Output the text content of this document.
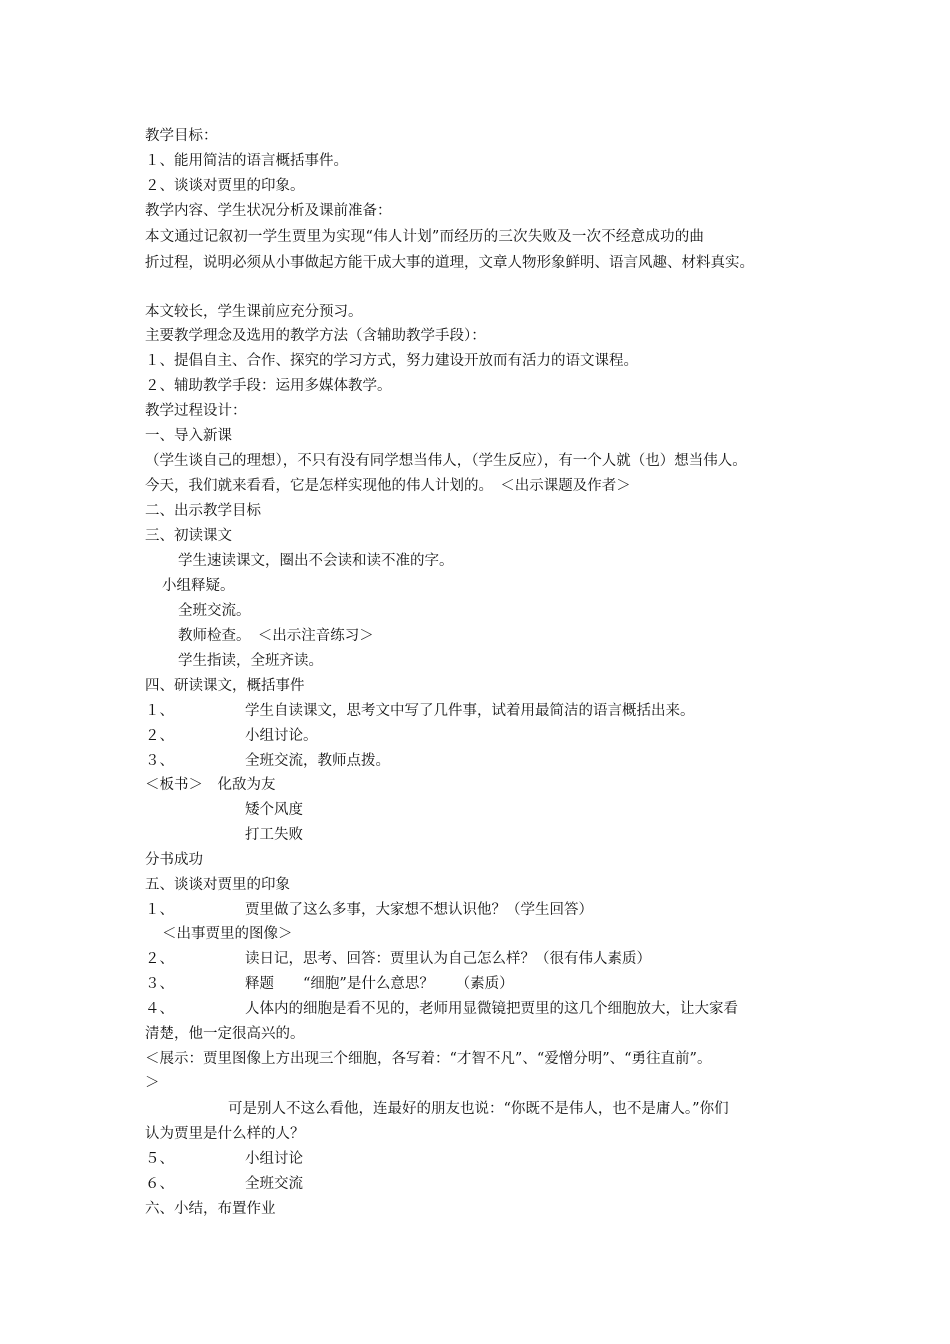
教学目标：
１、能用简洁的语言概括事件。
２、谈谈对贾里的印象。
教学内容、学生状况分析及课前准备：
本文通过记叙初一学生贾里为实现“伟人计划”而经历的三次失败及一次不经意成功的曲
折过程，说明必须从小事做起方能干成大事的道理，文章人物形象鲜明、语言风趣、材料真实。
本文较长，学生课前应充分预习。
主要教学理念及选用的教学方法（含辅助教学手段）：
１、提倡自主、合作、探究的学习方式，努力建设开放而有活力的语文课程。
２、辅助教学手段：运用多媒体教学。
教学过程设计：
一、导入新课
（学生谈自己的理想），不只有没有同学想当伟人，（学生反应），有一个人就（也）想当伟人。
今天，我们就来看看，它是怎样实现他的伟人计划的。　＜出示课题及作者＞
二、出示教学目标
三、初读课文
学生速读课文，圈出不会读和读不准的字。
小组释疑。
全班交流。
教师检查。　＜出示注音练习＞
学生指读，全班齐读。
四、研读课文，概括事件
１、	学生自读课文，思考文中写了几件事，试着用最简洁的语言概括出来。
２、	小组讨论。
３、	全班交流，教师点拨。
＜板书＞　化敌为友
矮个风度
打工失败
分书成功
五、谈谈对贾里的印象
１、	贾里做了这么多事，大家想不想认识他？（学生回答）
＜出事贾里的图像＞
２、	读日记，思考、回答：贾里认为自己怎么样？（很有伟人素质）
３、	释题　　“细胞”是什么意思？　　（素质）
４、	人体内的细胞是看不见的，老师用显微镜把贾里的这几个细胞放大，让大家看
清楚，他一定很高兴的。
＜展示：贾里图像上方出现三个细胞，各写着：“才智不凡”、“爱憎分明”、“勇往直前”。
＞
可是别人不这么看他，连最好的朋友也说：“你既不是伟人，也不是庸人。”你们
认为贾里是什么样的人？
５、	小组讨论
６、	全班交流
六、小结，布置作业
